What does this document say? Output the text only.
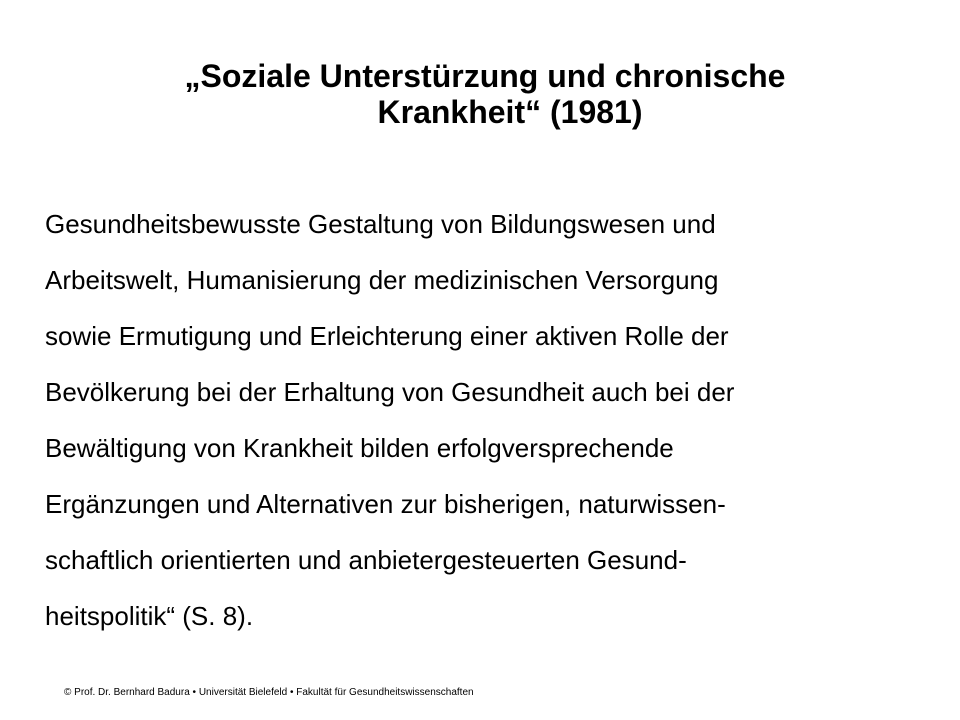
„Soziale Unterstürzung und chronische
Krankheit“ (1981)
Gesundheitsbewusste Gestaltung von Bildungswesen und
Arbeitswelt, Humanisierung der medizinischen Versorgung
sowie Ermutigung und Erleichterung einer aktiven Rolle der
Bevölkerung bei der Erhaltung von Gesundheit auch bei der
Bewältigung von Krankheit bilden erfolgversprechende
Ergänzungen und Alternativen zur bisherigen, naturwissen-
schaftlich orientierten und anbietergesteuerten Gesund-
heitspolitik“ (S. 8).

© Prof. Dr. Bernhard Badura • Universität Bielefeld • Fakultät für Gesundheitswissenschaften
